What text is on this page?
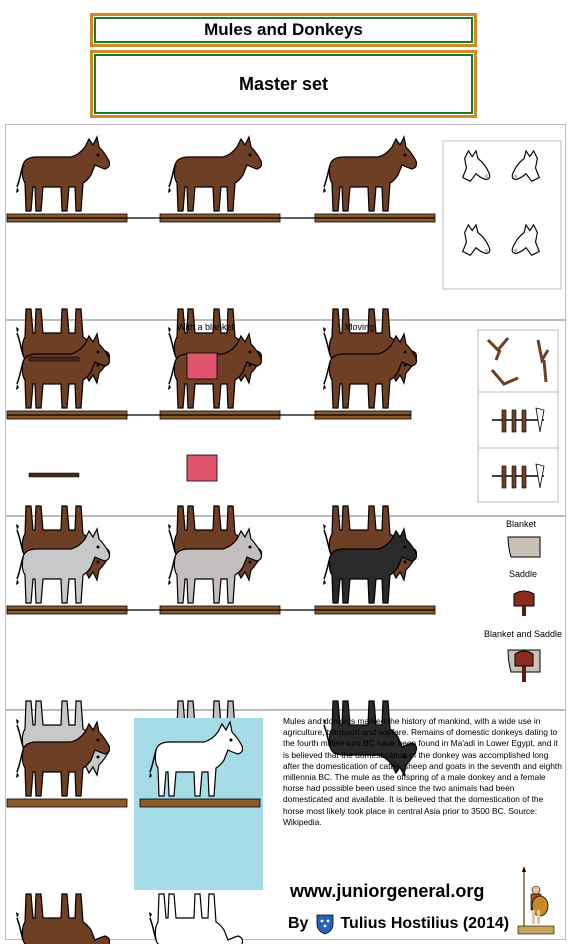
Mules and Donkeys
Master set
With a blanket	Moving
Blanket
Saddle
Blanket and Saddle
Mules and donkeys marked the history of mankind, with a wide use in agriculture, transport and warfare. Remains of domestic donkeys dating to the fourth millennium BC have been found in Ma'adi in Lower Egypt, and it is believed that the domestication of the donkey was accomplished long after the domestication of cattle, sheep and goats in the seventh and eighth millennia BC. The mule as the offspring of a male donkey and a female horse had possible been used since the two animals had been domesticated and available. It is believed that the domestication of the horse most likely took place in central Asia prior to 3500 BC. Source: Wikipedia.
www.juniorgeneral.org
By Tulius Hostilius (2014)
